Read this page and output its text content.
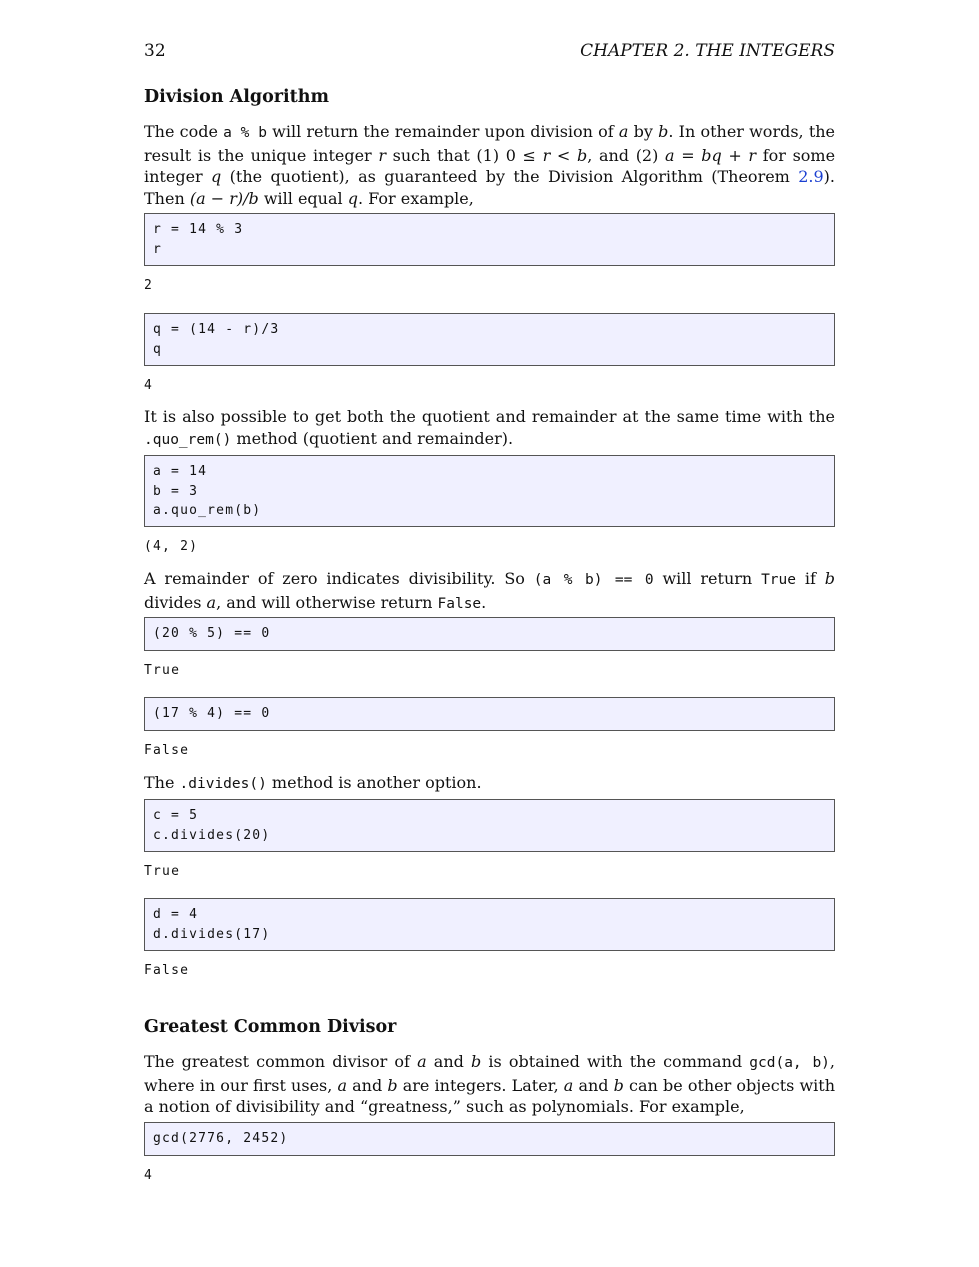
32	CHAPTER 2. THE INTEGERS
Division Algorithm

The code a % b will return the remainder upon division of a by b. In other words, the result is the unique integer r such that (1) 0 ≤ r < b, and (2) a = bq + r for some integer q (the quotient), as guaranteed by the Division Algorithm (Theorem 2.9). Then (a − r)/b will equal q. For example,

r = 14 % 3
r
2
q = (14 - r)/3
q
4

It is also possible to get both the quotient and remainder at the same time with the .quo_rem() method (quotient and remainder).

a = 14
b = 3
a.quo_rem(b)
(4, 2)

A remainder of zero indicates divisibility. So (a % b) == 0 will return True if b divides a, and will otherwise return False.

(20 % 5) == 0
True
(17 % 4) == 0
False

The .divides() method is another option.

c = 5
c.divides(20)
True
d = 4
d.divides(17)
False
Greatest Common Divisor

The greatest common divisor of a and b is obtained with the command gcd(a, b), where in our first uses, a and b are integers. Later, a and b can be other objects with a notion of divisibility and “greatness,” such as polynomials. For example,

gcd(2776, 2452)
4
